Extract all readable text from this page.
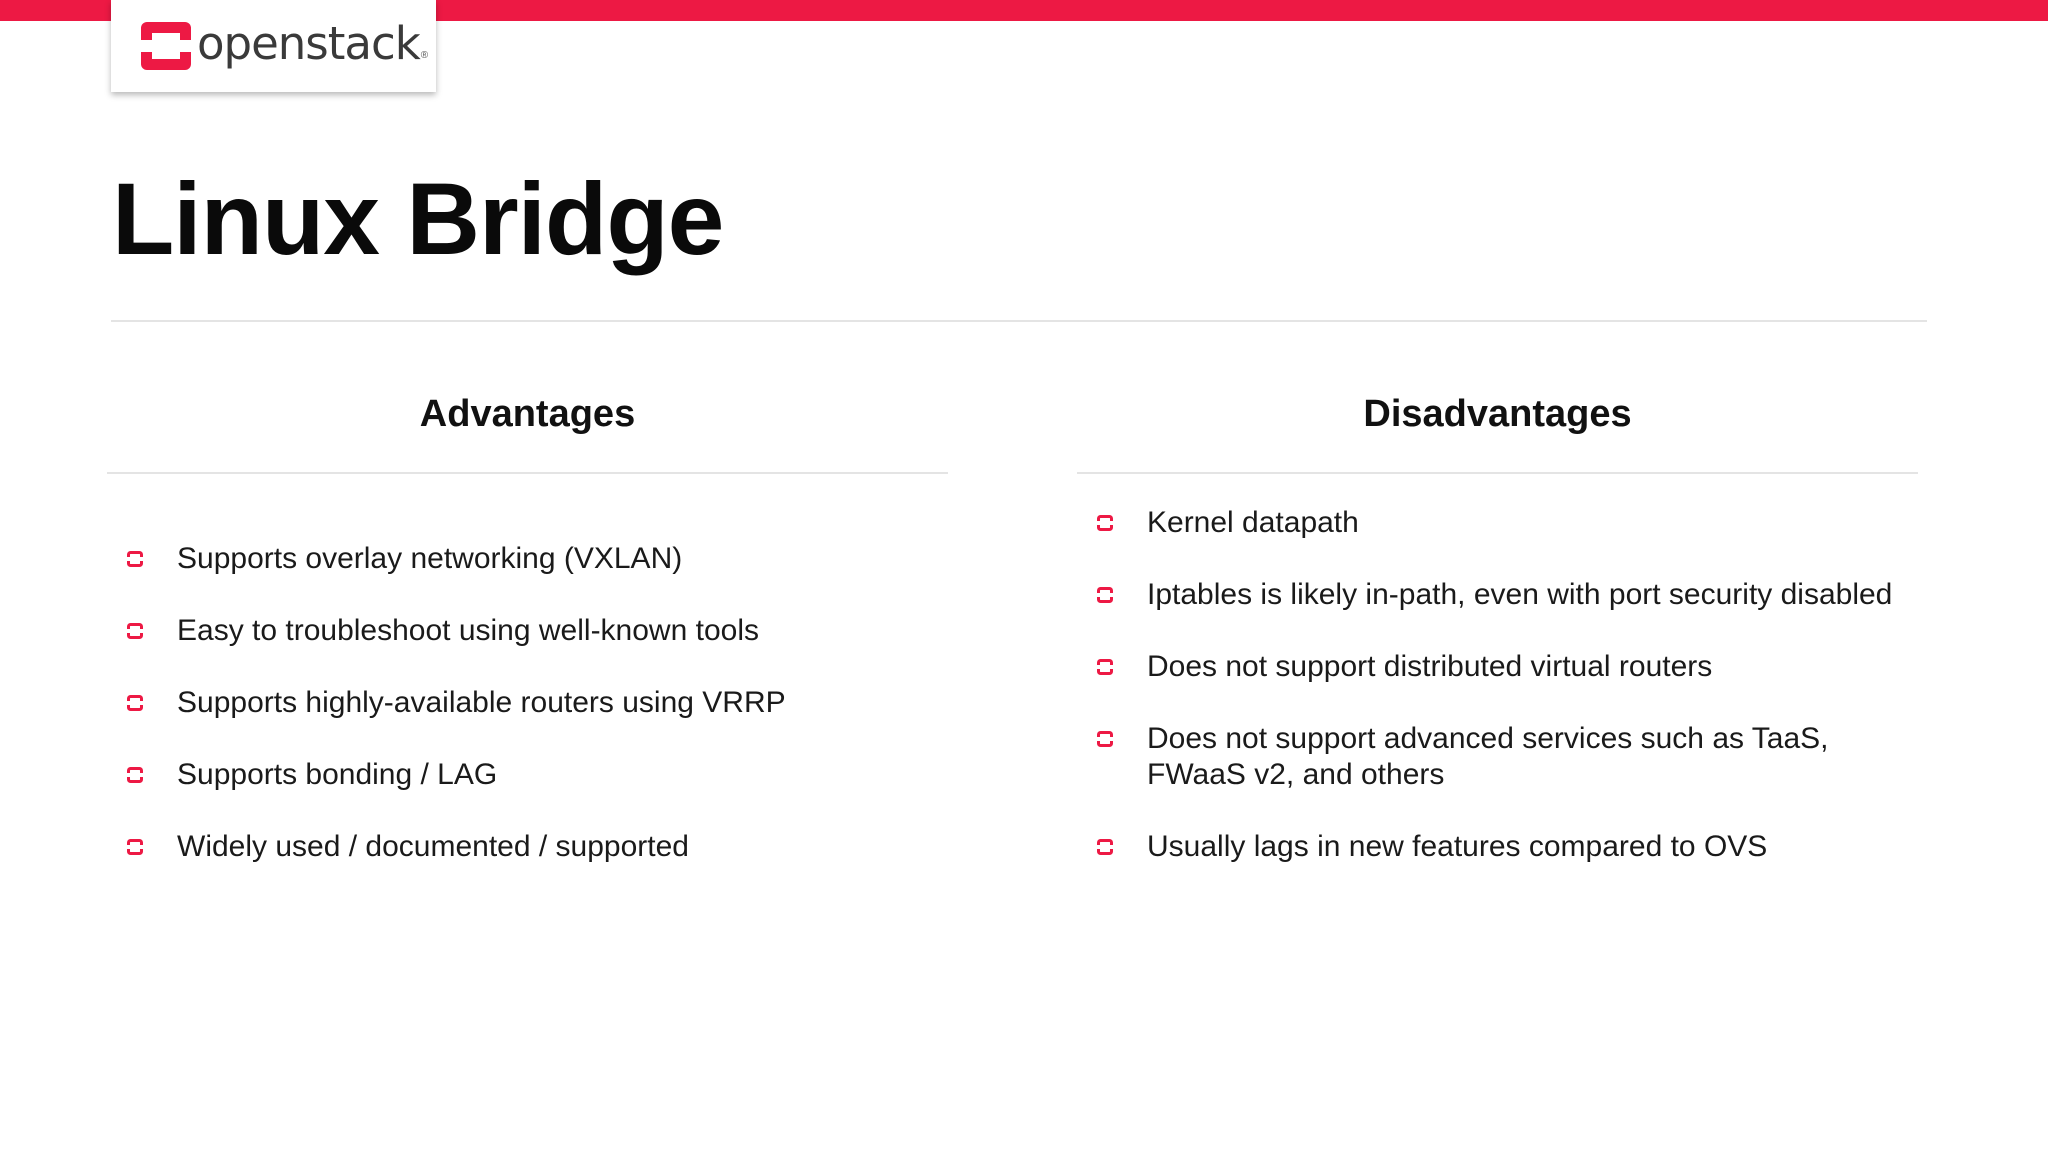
openstack ®
Linux Bridge
Advantages
Supports overlay networking (VXLAN)
Easy to troubleshoot using well-known tools
Supports highly-available routers using VRRP
Supports bonding / LAG
Widely used / documented / supported
Disadvantages
Kernel datapath
Iptables is likely in-path, even with port security disabled
Does not support distributed virtual routers
Does not support advanced services such as TaaS, FWaaS v2, and others
Usually lags in new features compared to OVS
